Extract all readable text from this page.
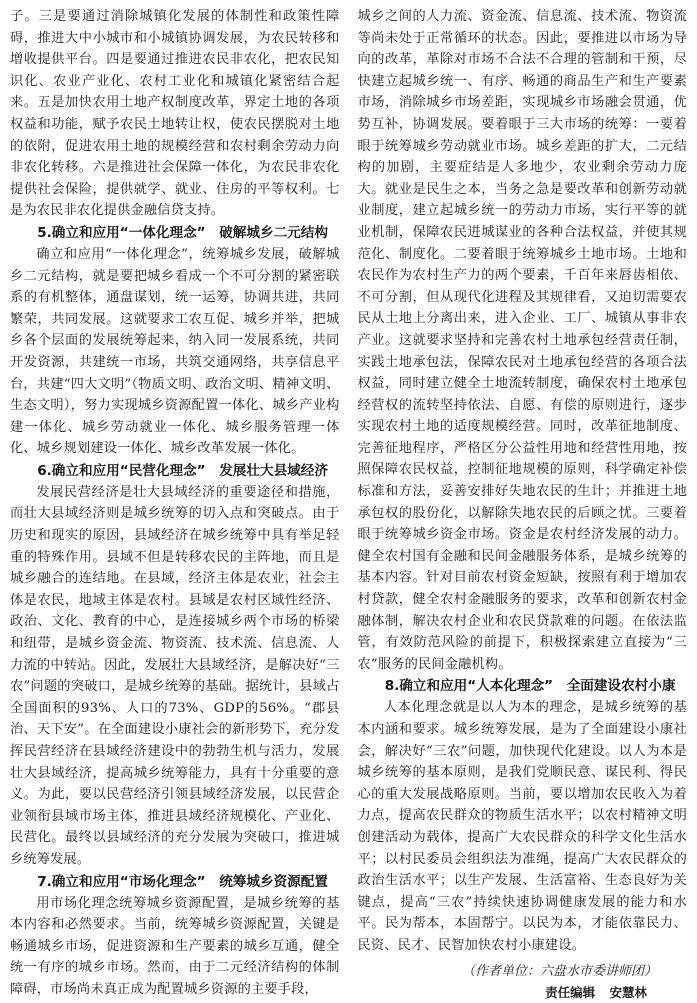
子。三是要通过消除城镇化发展的体制性和政策性障碍，推进大中小城市和小城镇协调发展，为农民转移和增收提供平台。四是要通过推进农民非农化，把农民知识化、农业产业化、农村工业化和城镇化紧密结合起来。五是加快农用土地产权制度改革，界定土地的各项权益和功能，赋予农民土地转让权，使农民摆脱对土地的依附，促进农用土地的规模经营和农村剩余劳动力向非农化转移。六是推进社会保障一体化，为农民非农化提供社会保险，提供就学、就业、住房的平等权利。七是为农民非农化提供金融信贷支持。

5.确立和应用“一体化理念”　破解城乡二元结构

确立和应用“一体化理念”，统筹城乡发展，破解城乡二元结构，就是要把城乡看成一个不可分割的紧密联系的有机整体，通盘谋划，统一运筹，协调共进，共同繁荣，共同发展。这就要求工农互促、城乡并举，把城乡各个层面的发展统筹起来，纳入同一发展系统，共同开发资源，共建统一市场，共筑交通网络，共享信息平台，共建“四大文明”（物质文明、政治文明、精神文明、生态文明），努力实现城乡资源配置一体化、城乡产业构建一体化、城乡劳动就业一体化、城乡服务管理一体化、城乡规划建设一体化、城乡改革发展一体化。

6.确立和应用“民营化理念”　发展壮大县域经济

发展民营经济是壮大县域经济的重要途径和措施，而壮大县域经济则是城乡统筹的切入点和突破点。由于历史和现实的原因，县域经济在城乡统筹中具有举足轻重的特殊作用。县域不但是转移农民的主阵地，而且是城乡融合的连结地。在县域，经济主体是农业，社会主体是农民，地域主体是农村。县域是农村区域性经济、政治、文化、教育的中心，是连接城乡两个市场的桥梁和纽带，是城乡资金流、物资流、技术流、信息流、人力流的中转站。因此，发展壮大县域经济，是解决好“三农”问题的突破口，是城乡统筹的基础。据统计，县域占全国面积的93%、人口的73%、GDP的56%。“郡县治、天下安”。在全面建设小康社会的新形势下，充分发挥民营经济在县域经济建设中的勃勃生机与活力，发展壮大县域经济，提高城乡统筹能力，具有十分重要的意义。为此，要以民营经济引领县域经济发展，以民营企业领衔县域市场主体，推进县域经济规模化、产业化、民营化。最终以县域经济的充分发展为突破口，推进城乡统筹发展。

7.确立和应用“市场化理念”　统筹城乡资源配置

用市场化理念统筹城乡资源配置，是城乡统筹的基本内容和必然要求。当前，统筹城乡资源配置，关键是畅通城乡市场，促进资源和生产要素的城乡互通，健全统一有序的城乡市场。然而，由于二元经济结构的体制障碍，市场尚未真正成为配置城乡资源的主要手段，

城乡之间的人力流、资金流、信息流、技术流、物资流等尚未处于正常循环的状态。因此，要推进以市场为导向的改革，革除对市场不合法不合理的管制和干预，尽快建立起城乡统一、有序、畅通的商品生产和生产要素市场，消除城乡市场差距，实现城乡市场融会贯通，优势互补，协调发展。要着眼于三大市场的统筹：一要着眼于统筹城乡劳动就业市场。城乡差距的扩大，二元结构的加剧，主要症结是人多地少，农业剩余劳动力庞大。就业是民生之本，当务之急是要改革和创新劳动就业制度，建立起城乡统一的劳动力市场，实行平等的就业机制，保障农民进城谋业的各种合法权益，并使其规范化、制度化。二要着眼于统筹城乡土地市场。土地和农民作为农村生产力的两个要素，千百年来唇齿相依、不可分割，但从现代化进程及其规律看，又迫切需要农民从土地上分离出来，进入企业、工厂、城镇从事非农产业。这就要求坚持和完善农村土地承包经营责任制，实践土地承包法，保障农民对土地承包经营的各项合法权益，同时建立健全土地流转制度，确保农村土地承包经营权的流转坚持依法、自愿、有偿的原则进行，逐步实现农村土地的适度规模经营。同时，改革征地制度、完善征地程序，严格区分公益性用地和经营性用地，按照保障农民权益，控制征地规模的原则，科学确定补偿标准和方法，妥善安排好失地农民的生计；并推进土地承包权的股份化，以解除失地农民的后顾之忧。三要着眼于统筹城乡资金市场。资金是农村经济发展的动力。健全农村国有金融和民间金融服务体系，是城乡统筹的基本内容。针对目前农村资金短缺，按照有利于增加农村贷款，健全农村金融服务的要求，改革和创新农村金融体制，解决农村企业和农民贷款难的问题。在依法监管，有效防范风险的前提下，积极探索建立直接为“三农”服务的民间金融机构。

8.确立和应用“人本化理念”　全面建设农村小康

人本化理念就是以人为本的理念，是城乡统筹的基本内涵和要求。城乡统筹发展，是为了全面建设小康社会，解决好“三农”问题，加快现代化建设。以人为本是城乡统筹的基本原则，是我们党顺民意、谋民利、得民心的重大发展战略原则。当前，要以增加农民收入为着力点，提高农民群众的物质生活水平；以农村精神文明创建活动为载体，提高广大农民群众的科学文化生活水平；以村民委员会组织法为准绳，提高广大农民群众的政治生活水平；以生产发展、生活富裕、生态良好为关键点，提高“三农”持续快速协调健康发展的能力和水平。民为帮本，本固帮宁。以民为本，才能依靠民力、民资、民才、民智加快农村小康建设。

（作者单位：六盘水市委讲师团）
责任编辑 安慧林
